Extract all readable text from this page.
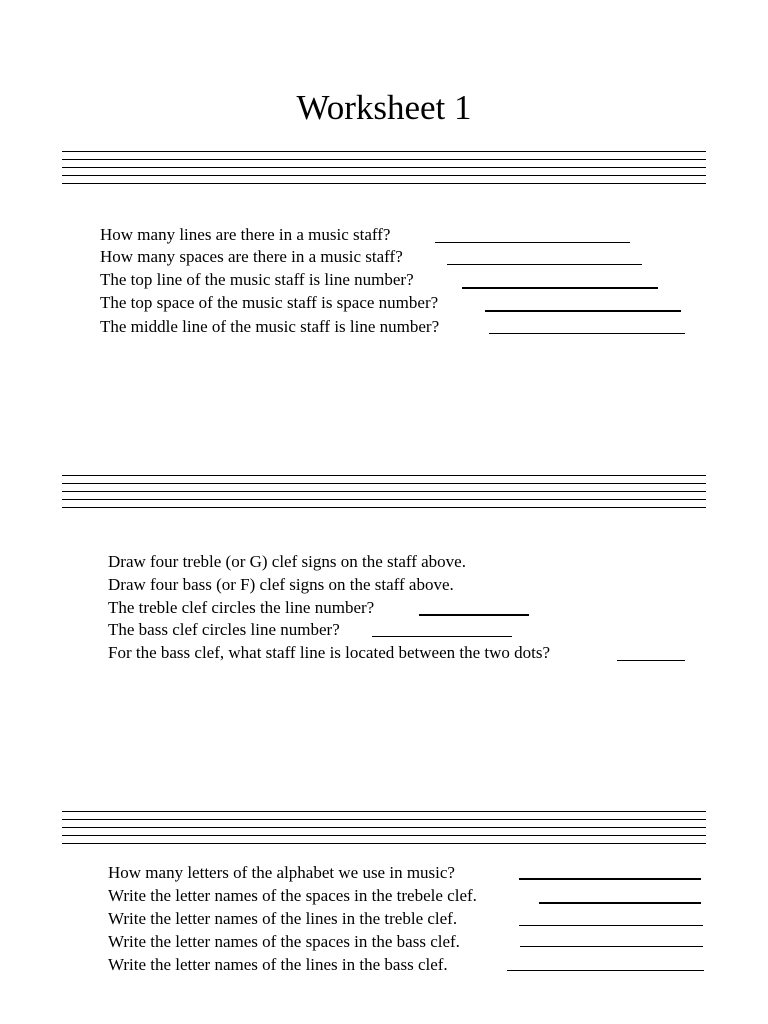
Worksheet 1
How many lines are there in a music staff?
How many spaces are there in a music staff?
The top line of the music staff is line number?
The top space of the music staff is space number?
The middle line of the music staff is line number?
Draw four treble (or G) clef signs on the staff above.
Draw four bass (or F) clef signs on the staff above.
The treble clef circles the line number?
The bass clef circles line number?
For the bass clef, what staff line is located between the two dots?
How many letters of the alphabet we use in music?
Write the letter names of the spaces in the trebele clef.
Write the letter names of the lines in the treble clef.
Write the letter names of the spaces in the bass clef.
Write the letter names of the lines in the bass clef.
